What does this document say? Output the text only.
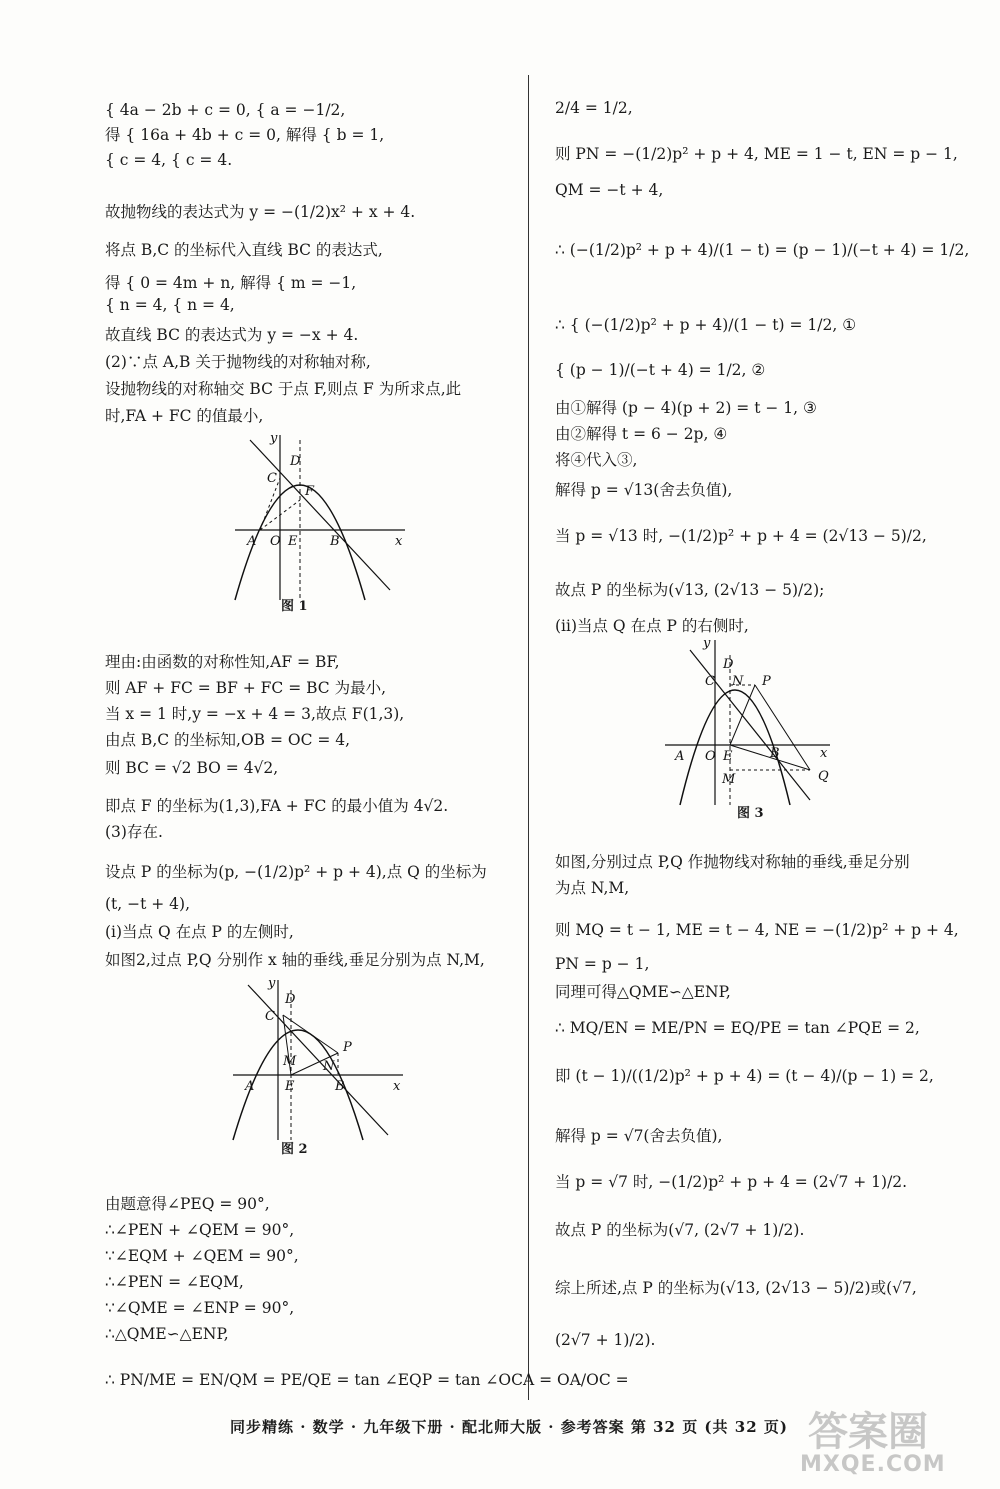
{ 4a − 2b + c = 0, { a = −1/2,
得 { 16a + 4b + c = 0, 解得 { b = 1,
{ c = 4, { c = 4.
故抛物线的表达式为 y = −(1/2)x² + x + 4.
将点 B,C 的坐标代入直线 BC 的表达式,
得 { 0 = 4m + n, 解得 { m = −1,
{ n = 4, { n = 4,
故直线 BC 的表达式为 y = −x + 4.
(2)∵点 A,B 关于抛物线的对称轴对称,
设抛物线的对称轴交 BC 于点 F,则点 F 为所求点,此
时,FA + FC 的值最小,
y
D
C
F
A O E	B	x
图 1
理由:由函数的对称性知,AF = BF,
则 AF + FC = BF + FC = BC 为最小,
当 x = 1 时,y = −x + 4 = 3,故点 F(1,3),
由点 B,C 的坐标知,OB = OC = 4,
则 BC = √2 BO = 4√2,
即点 F 的坐标为(1,3),FA + FC 的最小值为 4√2.
(3)存在.
设点 P 的坐标为(p, −(1/2)p² + p + 4),点 Q 的坐标为
(t, −t + 4),
(ⅰ)当点 Q 在点 P 的左侧时,
如图2,过点 P,Q 分别作 x 轴的垂线,垂足分别为点 N,M,
y
D
C
P
M N
A E	B	x
图 2
由题意得∠PEQ = 90°,
∴∠PEN + ∠QEM = 90°,
∵∠EQM + ∠QEM = 90°,
∴∠PEN = ∠EQM,
∵∠QME = ∠ENP = 90°,
∴△QME∽△ENP,
∴ PN/ME = EN/QM = PE/QE = tan ∠EQP = tan ∠OCA = OA/OC =
2/4 = 1/2,
则 PN = −(1/2)p² + p + 4, ME = 1 − t, EN = p − 1,
QM = −t + 4,
∴ (−(1/2)p² + p + 4)/(1 − t) = (p − 1)/(−t + 4) = 1/2,
∴ { (−(1/2)p² + p + 4)/(1 − t) = 1/2, ①
{ (p − 1)/(−t + 4) = 1/2, ②
由①解得 (p − 4)(p + 2) = t − 1, ③
由②解得 t = 6 − 2p, ④
将④代入③,
解得 p = √13(舍去负值),
当 p = √13 时, −(1/2)p² + p + 4 = (2√13 − 5)/2,
故点 P 的坐标为(√13, (2√13 − 5)/2);
(ⅱ)当点 Q 在点 P 的右侧时,
y
D
C N P
A O E	B
M	Q
x
图 3
如图,分别过点 P,Q 作抛物线对称轴的垂线,垂足分别
为点 N,M,
则 MQ = t − 1, ME = t − 4, NE = −(1/2)p² + p + 4,
PN = p − 1,
同理可得△QME∽△ENP,
∴ MQ/EN = ME/PN = EQ/PE = tan ∠PQE = 2,
即 (t − 1)/((1/2)p² + p + 4) = (t − 4)/(p − 1) = 2,
解得 p = √7(舍去负值),
当 p = √7 时, −(1/2)p² + p + 4 = (2√7 + 1)/2.
故点 P 的坐标为(√7, (2√7 + 1)/2).
综上所述,点 P 的坐标为(√13, (2√13 − 5)/2)或(√7,
(2√7 + 1)/2).
同步精练 · 数学 · 九年级下册 · 配北师大版 · 参考答案 第 32 页 (共 32 页) 答案圈
MXQE.COM
